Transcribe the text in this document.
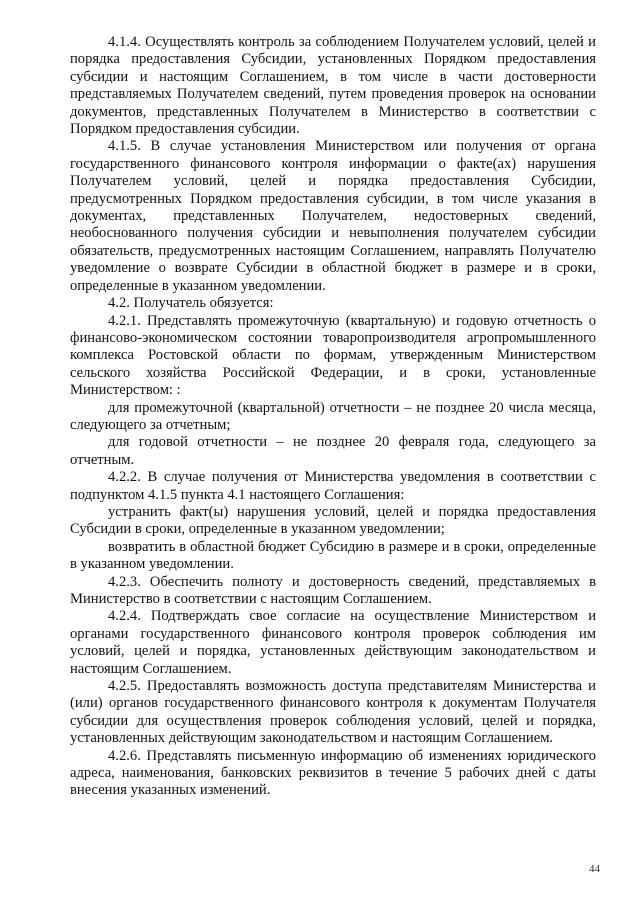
4.1.4. Осуществлять контроль за соблюдением Получателем условий, целей и порядка предоставления Субсидии, установленных Порядком предоставления субсидии и настоящим Соглашением, в том числе в части достоверности представляемых Получателем сведений, путем проведения проверок на основании документов, представленных Получателем в Министерство в соответствии с Порядком предоставления субсидии.

4.1.5. В случае установления Министерством или получения от органа государственного финансового контроля информации о факте(ах) нарушения Получателем условий, целей и порядка предоставления Субсидии, предусмотренных Порядком предоставления субсидии, в том числе указания в документах, представленных Получателем, недостоверных сведений, необоснованного получения субсидии и невыполнения получателем субсидии обязательств, предусмотренных настоящим Соглашением, направлять Получателю уведомление о возврате Субсидии в областной бюджет в размере и в сроки, определенные в указанном уведомлении.

4.2. Получатель обязуется:

4.2.1. Представлять промежуточную (квартальную) и годовую отчетность о финансово-экономическом состоянии товаропроизводителя агропромышленного комплекса Ростовской области по формам, утвержденным Министерством сельского хозяйства Российской Федерации, и в сроки, установленные Министерством: :

для промежуточной (квартальной) отчетности – не позднее 20 числа месяца, следующего за отчетным;

для годовой отчетности – не позднее 20 февраля года, следующего за отчетным.

4.2.2. В случае получения от Министерства уведомления в соответствии с подпунктом 4.1.5 пункта 4.1 настоящего Соглашения:

устранить факт(ы) нарушения условий, целей и порядка предоставления Субсидии в сроки, определенные в указанном уведомлении;

возвратить в областной бюджет Субсидию в размере и в сроки, определенные в указанном уведомлении.

4.2.3. Обеспечить полноту и достоверность сведений, представляемых в Министерство в соответствии с настоящим Соглашением.

4.2.4. Подтверждать свое согласие на осуществление Министерством и органами государственного финансового контроля проверок соблюдения им условий, целей и порядка, установленных действующим законодательством и настоящим Соглашением.

4.2.5. Предоставлять возможность доступа представителям Министерства и (или) органов государственного финансового контроля к документам Получателя субсидии для осуществления проверок соблюдения условий, целей и порядка, установленных действующим законодательством и настоящим Соглашением.

4.2.6. Представлять письменную информацию об изменениях юридического адреса, наименования, банковских реквизитов в течение 5 рабочих дней с даты внесения указанных изменений.

44
